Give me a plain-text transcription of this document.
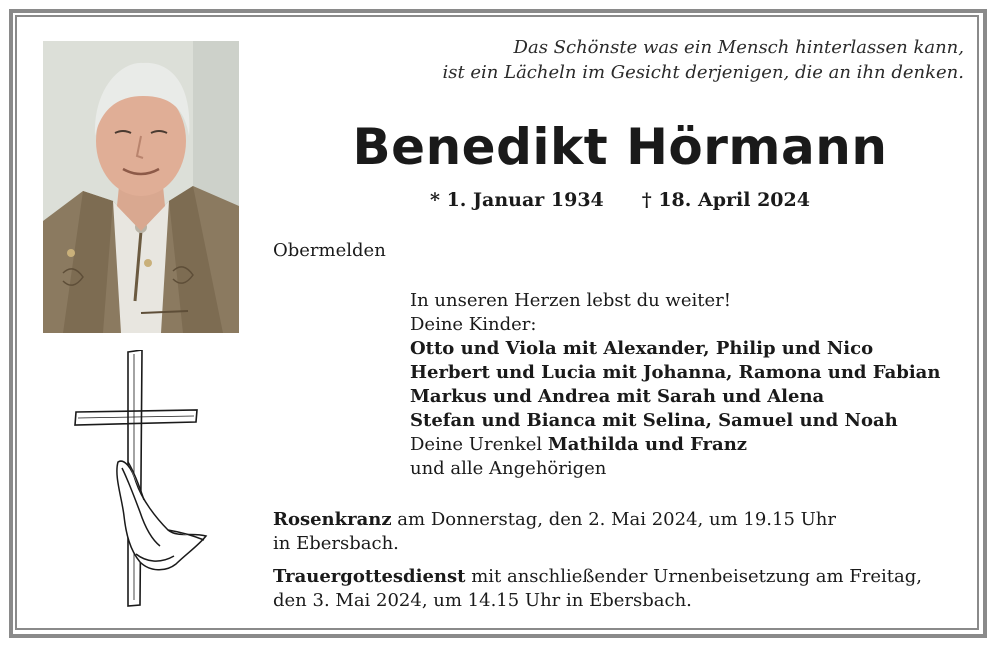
Das Schönste was ein Mensch hinterlassen kann,
ist ein Lächeln im Gesicht derjenigen, die an ihn denken.
Benedikt Hörmann
* 1. Januar 1934 † 18. April 2024
Obermelden
In unseren Herzen lebst du weiter!
Deine Kinder:
Otto und Viola mit Alexander, Philip und Nico
Herbert und Lucia mit Johanna, Ramona und Fabian
Markus und Andrea mit Sarah und Alena
Stefan und Bianca mit Selina, Samuel und Noah
Deine Urenkel Mathilda und Franz
und alle Angehörigen
Rosenkranz am Donnerstag, den 2. Mai 2024, um 19.15 Uhr
in Ebersbach.
Trauergottesdienst mit anschließender Urnenbeisetzung am Freitag,
den 3. Mai 2024, um 14.15 Uhr in Ebersbach.
